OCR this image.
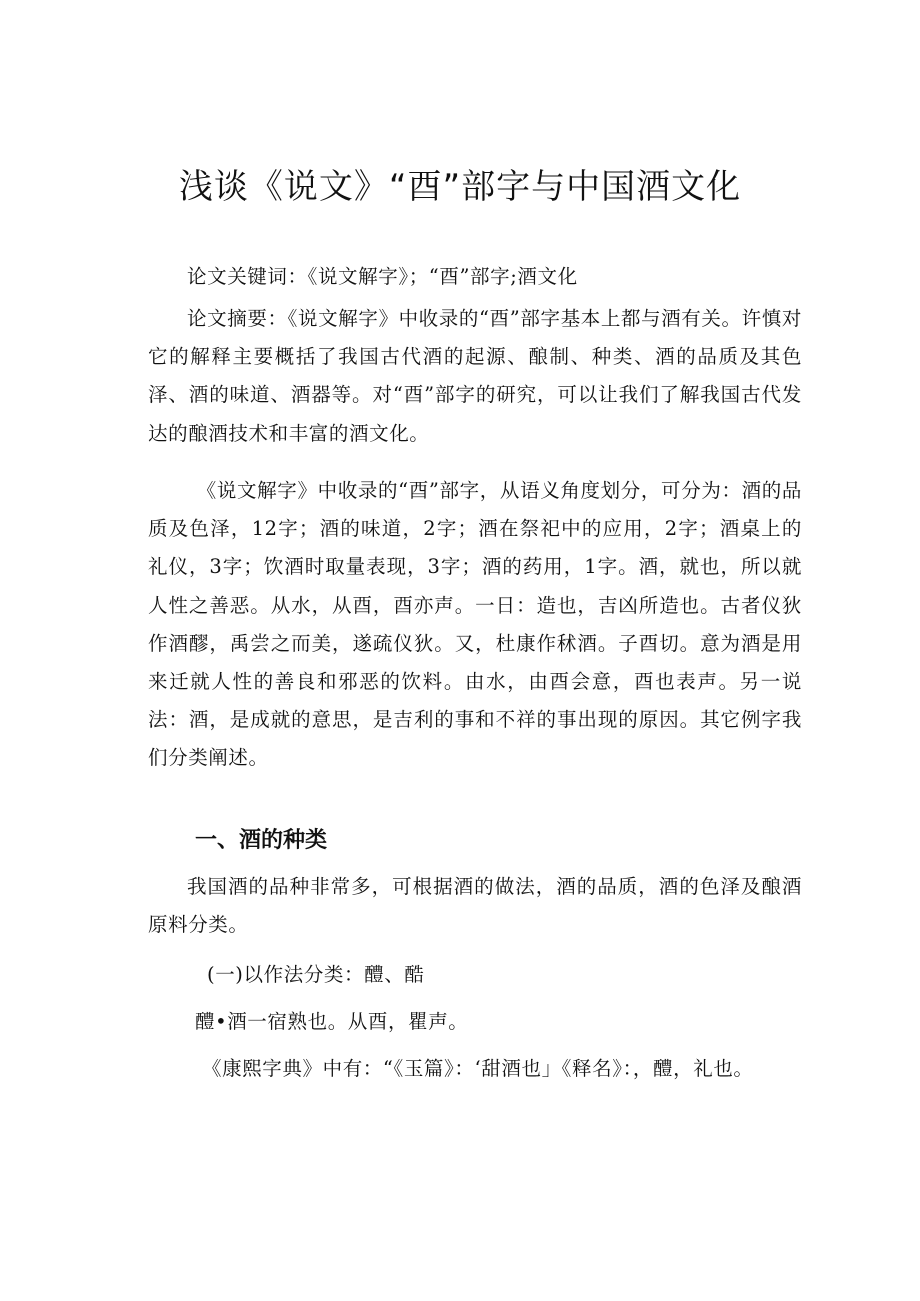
浅谈《说文》“酉”部字与中国酒文化

论文关键词：《说文解字》；“酉”部字;酒文化

论文摘要：《说文解字》中收录的“酉”部字基本上都与酒有关。许慎对它的解释主要概括了我国古代酒的起源、酿制、种类、酒的品质及其色泽、酒的味道、酒器等。对“酉”部字的研究，可以让我们了解我国古代发达的酿酒技术和丰富的酒文化。

《说文解字》中收录的“酉”部字，从语义角度划分，可分为：酒的品质及色泽，12字；酒的味道，2字；酒在祭祀中的应用，2字；酒桌上的礼仪，3字；饮酒时取量表现，3字；酒的药用，1字。酒，就也，所以就人性之善恶。从水，从酉，酉亦声。一日：造也，吉凶所造也。古者仪狄作酒醪，禹尝之而美，遂疏仪狄。又，杜康作秫酒。子酉切。意为酒是用来迁就人性的善良和邪恶的饮料。由水，由酉会意，酉也表声。另一说法：酒，是成就的意思，是吉利的事和不祥的事出现的原因。其它例字我们分类阐述。

一、酒的种类

我国酒的品种非常多，可根据酒的做法，酒的品质，酒的色泽及酿酒原料分类。

(一)以作法分类：醴、酷

醴•酒一宿熟也。从酉，瞿声。

《康熙字典》中有：“《玉篇》：‘甜酒也」《释名》：，醴，礼也。
